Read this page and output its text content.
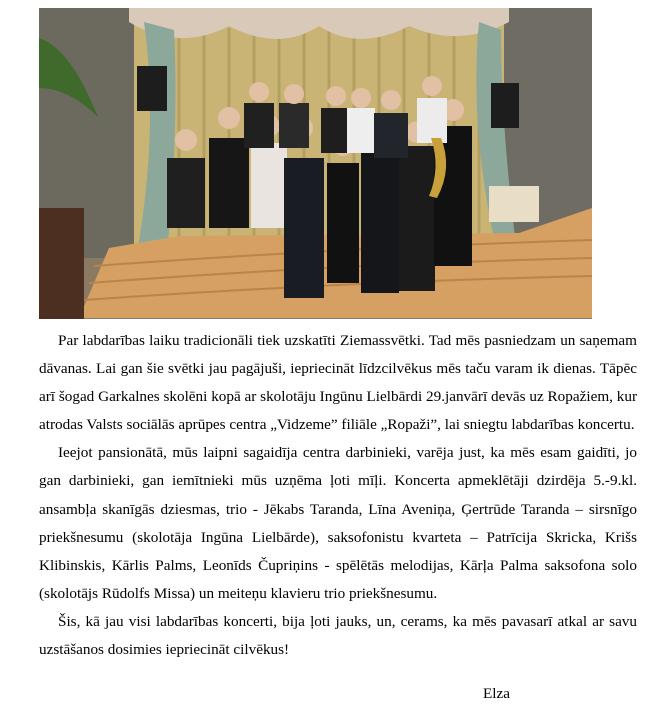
Par labdarības laiku tradicionāli tiek uzskatīti Ziemassvētki. Tad mēs pasniedzam un saņemam dāvanas. Lai gan šie svētki jau pagājuši, iepriecināt līdzcilvēkus mēs taču varam ik dienas. Tāpēc arī šogad Garkalnes skolēni kopā ar skolotāju Ingūnu Lielbārdi 29.janvārī devās uz Ropažiem, kur atrodas Valsts sociālās aprūpes centra „Vidzeme” filiāle „Ropaži”, lai sniegtu labdarības koncertu.

Ieejot pansionātā, mūs laipni sagaidīja centra darbinieki, varēja just, ka mēs esam gaidīti, jo gan darbinieki, gan iemītnieki mūs uzņēma ļoti mīļi. Koncerta apmeklētāji dzirdēja 5.-9.kl. ansambļa skanīgās dziesmas, trio - Jēkabs Taranda, Līna Aveniņa, Ģertrūde Taranda – sirsnīgo priekšnesumu (skolotāja Ingūna Lielbārde), saksofonistu kvarteta – Patrīcija Skricka, Krišs Klibinskis, Kārlis Palms, Leonīds Čupriņins - spēlētās melodijas, Kārļa Palma saksofona solo (skolotājs Rūdolfs Missa) un meiteņu klavieru trio priekšnesumu.

Šis, kā jau visi labdarības koncerti, bija ļoti jauks, un, cerams, ka mēs pavasarī atkal ar savu uzstāšanos dosimies iepriecināt cilvēkus!

Elza
